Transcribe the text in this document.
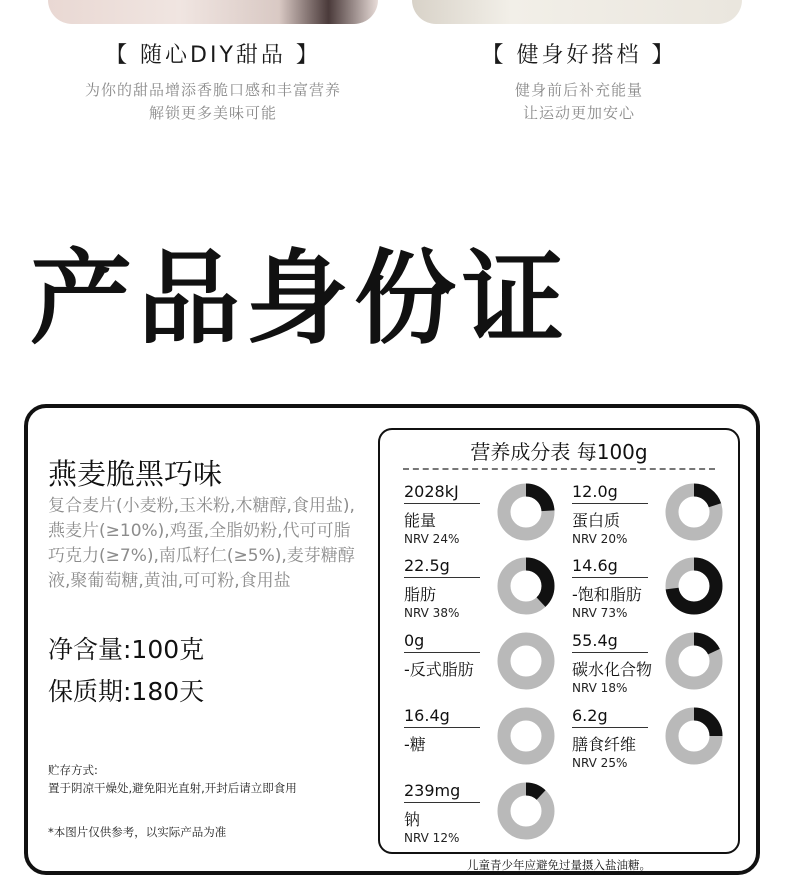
【 随心DIY甜品 】
为你的甜品增添香脆口感和丰富营养
解锁更多美味可能
【 健身好搭档 】
健身前后补充能量
让运动更加安心
产品身份证
燕麦脆黑巧味
复合麦片(小麦粉,玉米粉,木糖醇,食用盐),燕麦片(≥10%),鸡蛋,全脂奶粉,代可可脂巧克力(≥7%),南瓜籽仁(≥5%),麦芽糖醇液,聚葡萄糖,黄油,可可粉,食用盐
净含量:100克
保质期:180天
贮存方式:
置于阴凉干燥处,避免阳光直射,开封后请立即食用
*本图片仅供参考，以实际产品为准
营养成分表 每100g
2028kJ
能量
NRV 24%
12.0g
蛋白质
NRV 20%
22.5g
脂肪
NRV 38%
14.6g
-饱和脂肪
NRV 73%
0g
-反式脂肪
55.4g
碳水化合物
NRV 18%
16.4g
-糖
6.2g
膳食纤维
NRV 25%
239mg
钠
NRV 12%
儿童青少年应避免过量摄入盐油糖。
